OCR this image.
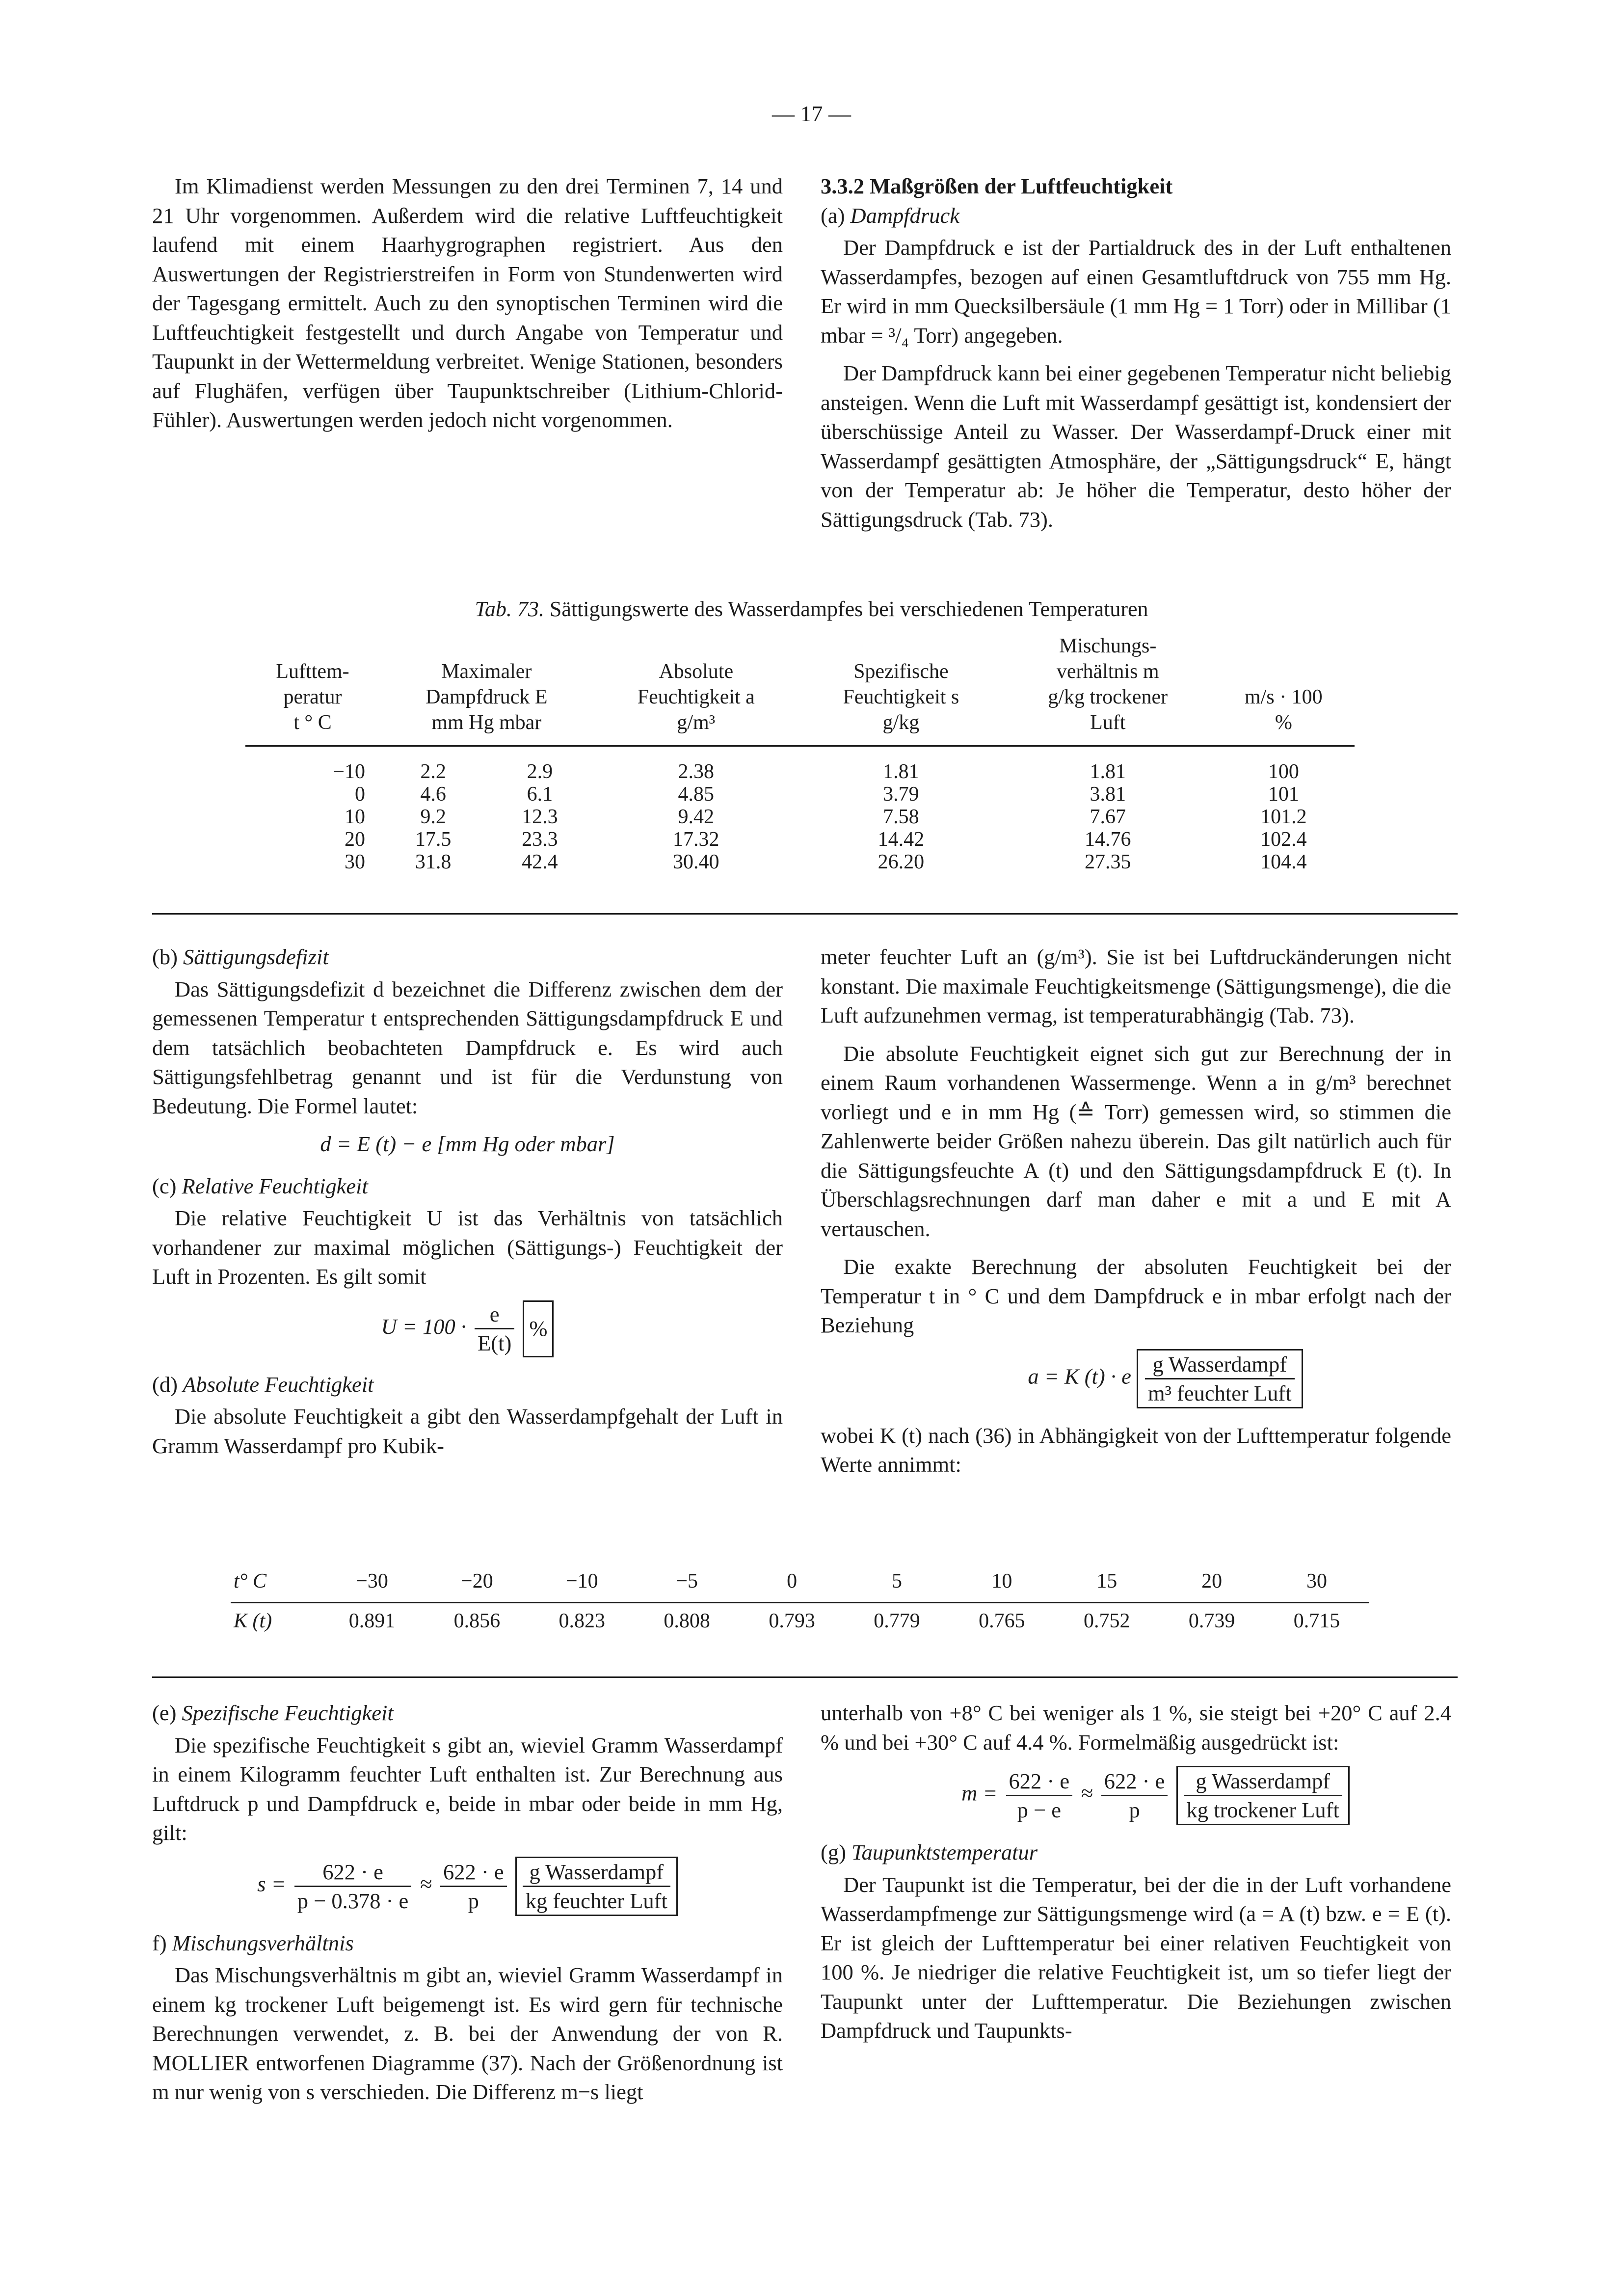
— 17 —

Im Klimadienst werden Messungen zu den drei Terminen 7, 14 und 21 Uhr vorgenommen. Außerdem wird die relative Luftfeuchtigkeit laufend mit einem Haarhygrographen registriert. Aus den Auswertungen der Registrierstreifen in Form von Stundenwerten wird der Tagesgang ermittelt. Auch zu den synoptischen Terminen wird die Luftfeuchtigkeit festgestellt und durch Angabe von Temperatur und Taupunkt in der Wettermeldung verbreitet. Wenige Stationen, besonders auf Flughäfen, verfügen über Taupunktschreiber (Lithium-Chlorid-Fühler). Auswertungen werden jedoch nicht vorgenommen.

3.3.2 Maßgrößen der Luftfeuchtigkeit
(a) Dampfdruck

Der Dampfdruck e ist der Partialdruck des in der Luft enthaltenen Wasserdampfes, bezogen auf einen Gesamtluftdruck von 755 mm Hg. Er wird in mm Quecksilbersäule (1 mm Hg = 1 Torr) oder in Millibar (1 mbar = ³/₄ Torr) angegeben.

Der Dampfdruck kann bei einer gegebenen Temperatur nicht beliebig ansteigen. Wenn die Luft mit Wasserdampf gesättigt ist, kondensiert der überschüssige Anteil zu Wasser. Der Wasserdampf-Druck einer mit Wasserdampf gesättigten Atmosphäre, der „Sättigungsdruck“ E, hängt von der Temperatur ab: Je höher die Temperatur, desto höher der Sättigungsdruck (Tab. 73).

Tab. 73. Sättigungswerte des Wasserdampfes bei verschiedenen Temperaturen
Lufttem-
peratur
t ° C	Maximaler
Dampfdruck E
mm Hg mbar		Absolute
Feuchtigkeit a
g/m³	Spezifische
Feuchtigkeit s
g/kg	Mischungs-
verhältnis m
g/kg trockener
Luft	m/s · 100
%
−10	2.2	2.9	2.38	1.81	1.81	100
0	4.6	6.1	4.85	3.79	3.81	101
10	9.2	12.3	9.42	7.58	7.67	101.2
20	17.5	23.3	17.32	14.42	14.76	102.4
30	31.8	42.4	30.40	26.20	27.35	104.4
(b) Sättigungsdefizit

Das Sättigungsdefizit d bezeichnet die Differenz zwischen dem der gemessenen Temperatur t entsprechenden Sättigungsdampfdruck E und dem tatsächlich beobachteten Dampfdruck e. Es wird auch Sättigungsfehlbetrag genannt und ist für die Verdunstung von Bedeutung. Die Formel lautet:

d = E (t) − e [mm Hg oder mbar]
(c) Relative Feuchtigkeit

Die relative Feuchtigkeit U ist das Verhältnis von tatsächlich vorhandener zur maximal möglichen (Sättigungs-) Feuchtigkeit der Luft in Prozenten. Es gilt somit

$U = 100 \cdot \frac{e}{E(t)}$ %
(d) Absolute Feuchtigkeit

Die absolute Feuchtigkeit a gibt den Wasserdampfgehalt der Luft in Gramm Wasserdampf pro Kubik-

meter feuchter Luft an (g/m³). Sie ist bei Luftdruckänderungen nicht konstant. Die maximale Feuchtigkeitsmenge (Sättigungsmenge), die die Luft aufzunehmen vermag, ist temperaturabhängig (Tab. 73).

Die absolute Feuchtigkeit eignet sich gut zur Berechnung der in einem Raum vorhandenen Wassermenge. Wenn a in g/m³ berechnet vorliegt und e in mm Hg (≙ Torr) gemessen wird, so stimmen die Zahlenwerte beider Größen nahezu überein. Das gilt natürlich auch für die Sättigungsfeuchte A (t) und den Sättigungsdampfdruck E (t). In Überschlagsrechnungen darf man daher e mit a und E mit A vertauschen.

Die exakte Berechnung der absoluten Feuchtigkeit bei der Temperatur t in ° C und dem Dampfdruck e in mbar erfolgt nach der Beziehung

a = K (t) · e $\frac{\text{g Wasserdampf}}{\text{m³ feuchter Luft}}$

wobei K (t) nach (36) in Abhängigkeit von der Lufttemperatur folgende Werte annimmt:

t° C	−30	−20	−10	−5	0	5	10	15	20	30
K (t)	0.891	0.856	0.823	0.808	0.793	0.779	0.765	0.752	0.739	0.715
(e) Spezifische Feuchtigkeit

Die spezifische Feuchtigkeit s gibt an, wieviel Gramm Wasserdampf in einem Kilogramm feuchter Luft enthalten ist. Zur Berechnung aus Luftdruck p und Dampfdruck e, beide in mbar oder beide in mm Hg, gilt:

$s = \frac{622 \cdot e}{p - 0.378 \cdot e} \approx \frac{622 \cdot e}{p}$
$\frac{\text{g Wasserdampf}}{\text{kg feuchter Luft}}$
f) Mischungsverhältnis

Das Mischungsverhältnis m gibt an, wieviel Gramm Wasserdampf in einem kg trockener Luft beigemengt ist. Es wird gern für technische Berechnungen verwendet, z. B. bei der Anwendung der von R. MOLLIER entworfenen Diagramme (37). Nach der Größenordnung ist m nur wenig von s verschieden. Die Differenz m−s liegt

unterhalb von +8° C bei weniger als 1 %, sie steigt bei +20° C auf 2.4 % und bei +30° C auf 4.4 %. Formelmäßig ausgedrückt ist:

$m = \frac{622 \cdot e}{p - e} \approx \frac{622 \cdot e}{p}$
$\frac{\text{g Wasserdampf}}{\text{kg trockener Luft}}$
(g) Taupunktstemperatur

Der Taupunkt ist die Temperatur, bei der die in der Luft vorhandene Wasserdampfmenge zur Sättigungsmenge wird (a = A (t) bzw. e = E (t). Er ist gleich der Lufttemperatur bei einer relativen Feuchtigkeit von 100 %. Je niedriger die relative Feuchtigkeit ist, um so tiefer liegt der Taupunkt unter der Lufttemperatur. Die Beziehungen zwischen Dampfdruck und Taupunkts-
